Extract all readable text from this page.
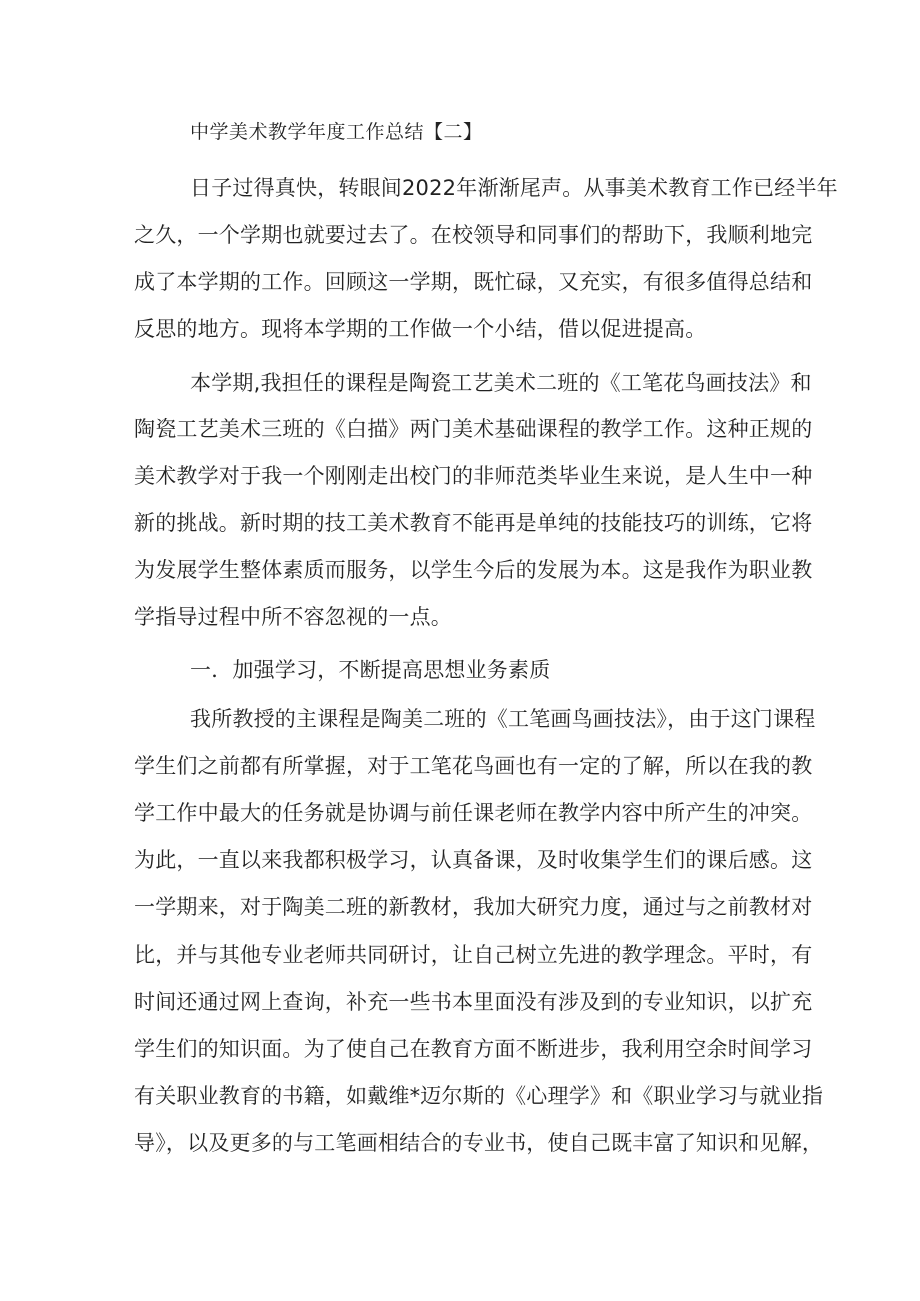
中学美术教学年度工作总结【二】
日子过得真快，转眼间2022年渐渐尾声。从事美术教育工作已经半年
之久，一个学期也就要过去了。在校领导和同事们的帮助下，我顺利地完
成了本学期的工作。回顾这一学期，既忙碌，又充实，有很多值得总结和
反思的地方。现将本学期的工作做一个小结，借以促进提高。
本学期,我担任的课程是陶瓷工艺美术二班的《工笔花鸟画技法》和
陶瓷工艺美术三班的《白描》两门美术基础课程的教学工作。这种正规的
美术教学对于我一个刚刚走出校门的非师范类毕业生来说，是人生中一种
新的挑战。新时期的技工美术教育不能再是单纯的技能技巧的训练，它将
为发展学生整体素质而服务，以学生今后的发展为本。这是我作为职业教
学指导过程中所不容忽视的一点。
一．加强学习，不断提高思想业务素质
我所教授的主课程是陶美二班的《工笔画鸟画技法》，由于这门课程
学生们之前都有所掌握，对于工笔花鸟画也有一定的了解，所以在我的教
学工作中最大的任务就是协调与前任课老师在教学内容中所产生的冲突。
为此，一直以来我都积极学习，认真备课，及时收集学生们的课后感。这
一学期来，对于陶美二班的新教材，我加大研究力度，通过与之前教材对
比，并与其他专业老师共同研讨，让自己树立先进的教学理念。平时，有
时间还通过网上查询，补充一些书本里面没有涉及到的专业知识，以扩充
学生们的知识面。为了使自己在教育方面不断进步，我利用空余时间学习
有关职业教育的书籍，如戴维*迈尔斯的《心理学》和《职业学习与就业指
导》，以及更多的与工笔画相结合的专业书，使自己既丰富了知识和见解，
